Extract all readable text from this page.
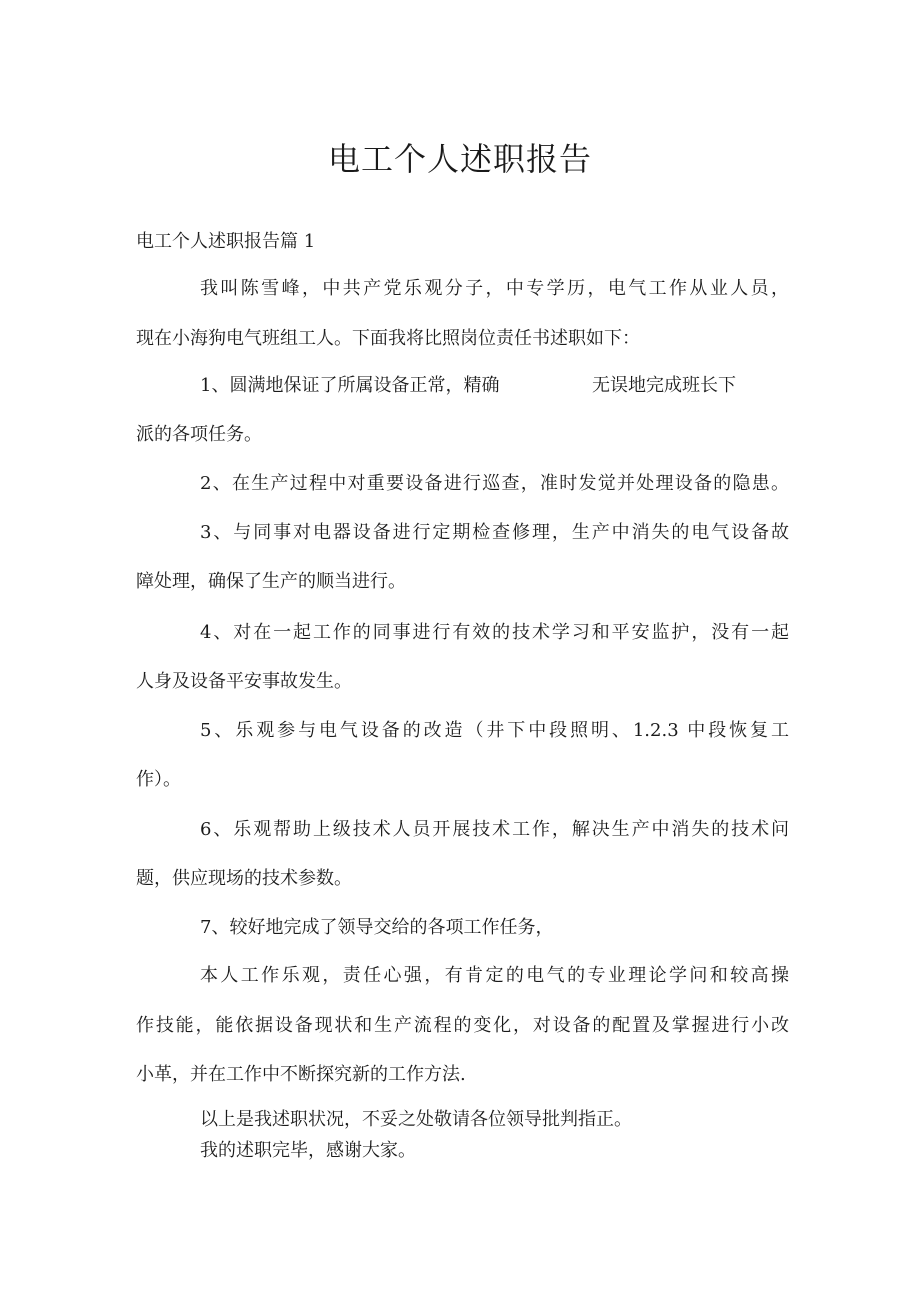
电工个人述职报告
电工个人述职报告篇 1
我叫陈雪峰，中共产党乐观分子，中专学历，电气工作从业人员，
现在小海狗电气班组工人。下面我将比照岗位责任书述职如下：
1、圆满地保证了所属设备正常，精确	无误地完成班长下
派的各项任务。
2、在生产过程中对重要设备进行巡查，准时发觉并处理设备的隐患。
3、与同事对电器设备进行定期检查修理，生产中消失的电气设备故
障处理，确保了生产的顺当进行。
4、对在一起工作的同事进行有效的技术学习和平安监护，没有一起
人身及设备平安事故发生。
5、乐观参与电气设备的改造（井下中段照明、1.2.3 中段恢复工
作）。
6、乐观帮助上级技术人员开展技术工作，解决生产中消失的技术问
题，供应现场的技术参数。
7、较好地完成了领导交给的各项工作任务，
本人工作乐观，责任心强，有肯定的电气的专业理论学问和较高操
作技能，能依据设备现状和生产流程的变化，对设备的配置及掌握进行小改
小革，并在工作中不断探究新的工作方法.
以上是我述职状况，不妥之处敬请各位领导批判指正。
我的述职完毕，感谢大家。
